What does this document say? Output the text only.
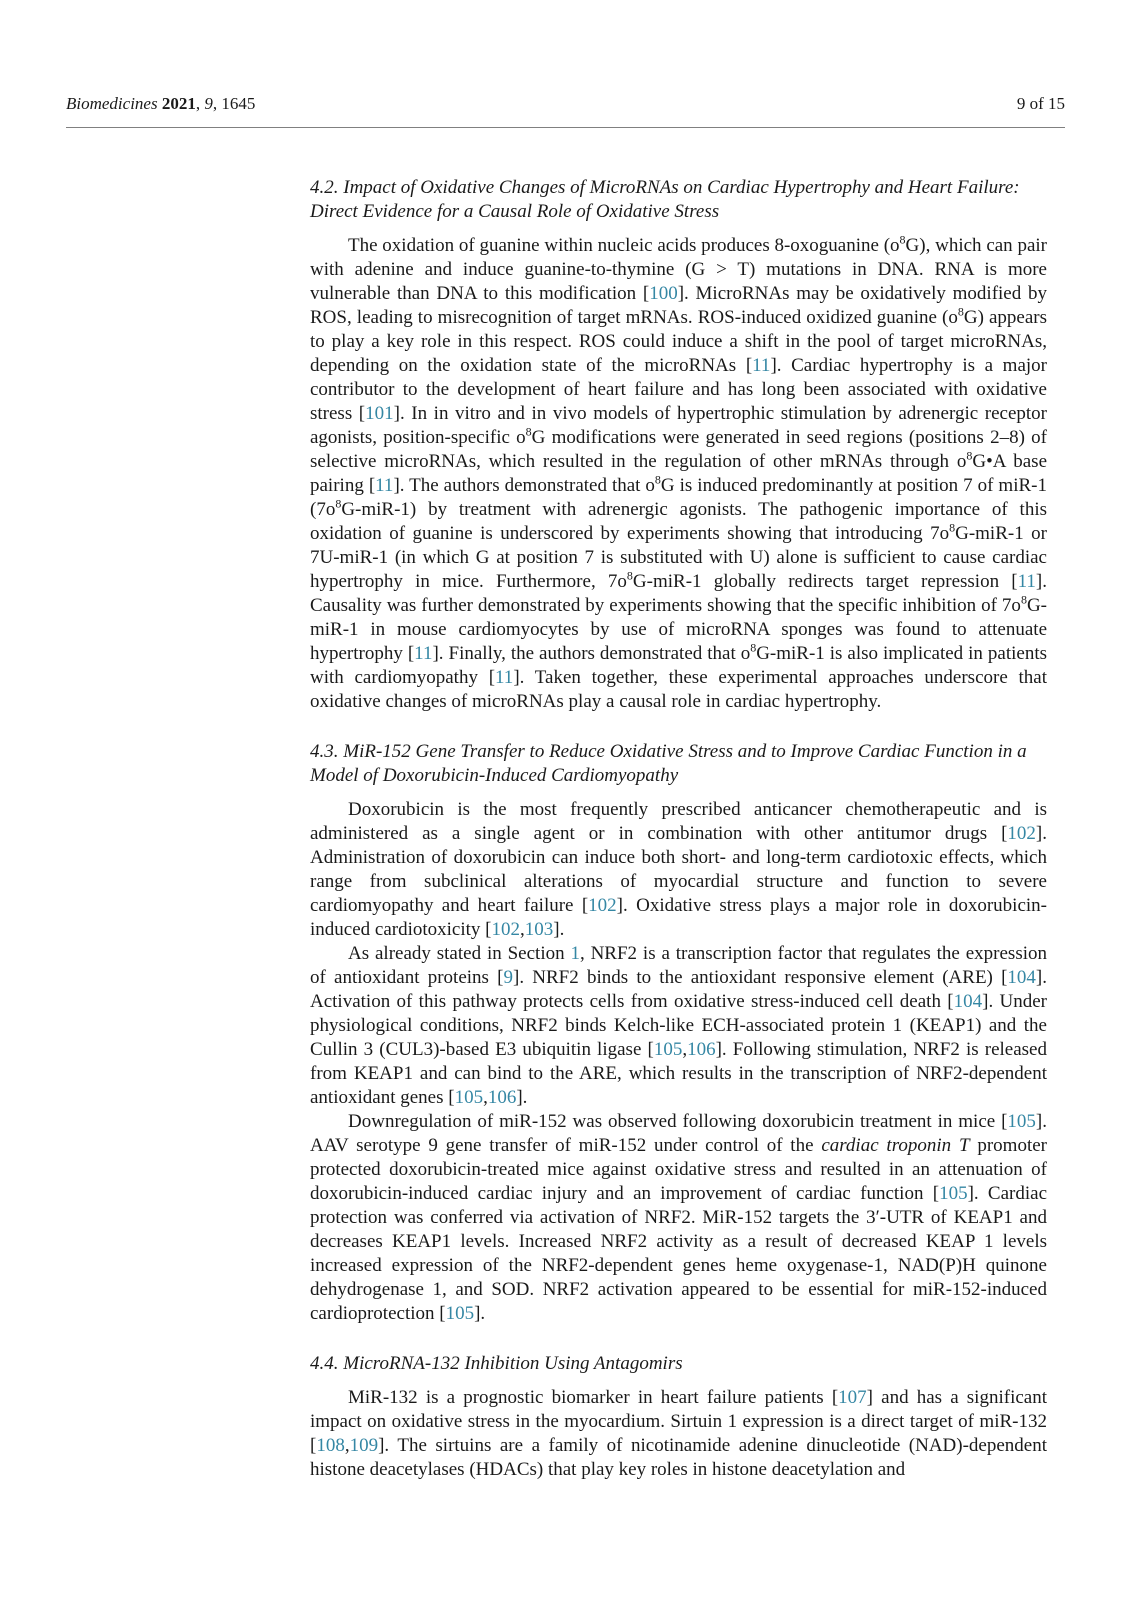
Biomedicines 2021, 9, 1645	9 of 15
4.2. Impact of Oxidative Changes of MicroRNAs on Cardiac Hypertrophy and Heart Failure: Direct Evidence for a Causal Role of Oxidative Stress

The oxidation of guanine within nucleic acids produces 8-oxoguanine $(o^8G)$, which can pair with adenine and induce guanine-to-thymine (G > T) mutations in DNA. RNA is more vulnerable than DNA to this modification [100]. MicroRNAs may be oxidatively modified by ROS, leading to misrecognition of target mRNAs. ROS-induced oxidized guanine $(o^8G)$ appears to play a key role in this respect. ROS could induce a shift in the pool of target microRNAs, depending on the oxidation state of the microRNAs [11]. Cardiac hypertrophy is a major contributor to the development of heart failure and has long been associated with oxidative stress [101]. In in vitro and in vivo models of hypertrophic stimulation by adrenergic receptor agonists, position-specific $o^8G$ modifications were generated in seed regions (positions 2–8) of selective microRNAs, which resulted in the regulation of other mRNAs through $o^8G•A$ base pairing [11]. The authors demonstrated that $o^8G$ is induced predominantly at position 7 of miR-1 $(7o^8G-miR-1)$ by treatment with adrenergic agonists. The pathogenic importance of this oxidation of guanine is underscored by experiments showing that introducing $7o^8G-miR-1$ or 7U-miR-1 (in which G at position 7 is substituted with U) alone is sufficient to cause cardiac hypertrophy in mice. Furthermore, $7o^8G-miR-1$ globally redirects target repression [11]. Causality was further demonstrated by experiments showing that the specific inhibition of $7o^8G-miR-1$ in mouse cardiomyocytes by use of microRNA sponges was found to attenuate hypertrophy [11]. Finally, the authors demonstrated that $o^8G-miR-1$ is also implicated in patients with cardiomyopathy [11]. Taken together, these experimental approaches underscore that oxidative changes of microRNAs play a causal role in cardiac hypertrophy.

4.3. MiR-152 Gene Transfer to Reduce Oxidative Stress and to Improve Cardiac Function in a Model of Doxorubicin-Induced Cardiomyopathy

Doxorubicin is the most frequently prescribed anticancer chemotherapeutic and is administered as a single agent or in combination with other antitumor drugs [102]. Administration of doxorubicin can induce both short- and long-term cardiotoxic effects, which range from subclinical alterations of myocardial structure and function to severe cardiomyopathy and heart failure [102]. Oxidative stress plays a major role in doxorubicin-induced cardiotoxicity [102,103].

As already stated in Section 1, NRF2 is a transcription factor that regulates the expression of antioxidant proteins [9]. NRF2 binds to the antioxidant responsive element (ARE) [104]. Activation of this pathway protects cells from oxidative stress-induced cell death [104]. Under physiological conditions, NRF2 binds Kelch-like ECH-associated protein 1 (KEAP1) and the Cullin 3 (CUL3)-based E3 ubiquitin ligase [105,106]. Following stimulation, NRF2 is released from KEAP1 and can bind to the ARE, which results in the transcription of NRF2-dependent antioxidant genes [105,106].

Downregulation of miR-152 was observed following doxorubicin treatment in mice [105]. AAV serotype 9 gene transfer of miR-152 under control of the cardiac troponin T promoter protected doxorubicin-treated mice against oxidative stress and resulted in an attenuation of doxorubicin-induced cardiac injury and an improvement of cardiac function [105]. Cardiac protection was conferred via activation of NRF2. MiR-152 targets the 3′-UTR of KEAP1 and decreases KEAP1 levels. Increased NRF2 activity as a result of decreased KEAP 1 levels increased expression of the NRF2-dependent genes heme oxygenase-1, NAD(P)H quinone dehydrogenase 1, and SOD. NRF2 activation appeared to be essential for miR-152-induced cardioprotection [105].

4.4. MicroRNA-132 Inhibition Using Antagomirs

MiR-132 is a prognostic biomarker in heart failure patients [107] and has a significant impact on oxidative stress in the myocardium. Sirtuin 1 expression is a direct target of miR-132 [108,109]. The sirtuins are a family of nicotinamide adenine dinucleotide (NAD)-dependent histone deacetylases (HDACs) that play key roles in histone deacetylation and
